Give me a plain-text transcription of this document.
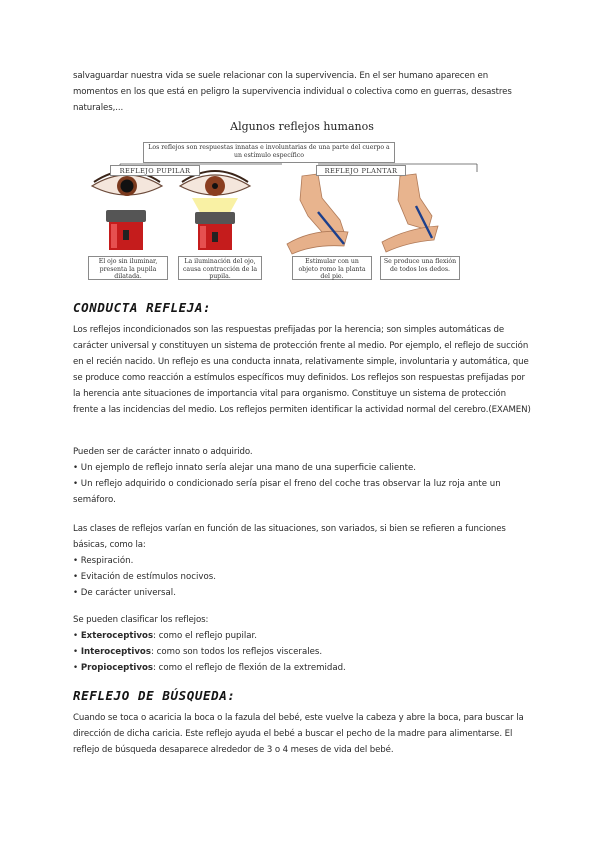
salvaguardar nuestra vida se suele relacionar con la supervivencia. En el ser humano aparecen en momentos en los que está en peligro la supervivencia individual o colectiva como en guerras, desastres naturales,...

Algunos reflejos humanos
Los reflejos son respuestas innatas e involuntarias de una parte del cuerpo a un estímulo específico
REFLEJO PUPILAR	REFLEJO PLANTAR
El ojo sin iluminar, presenta la pupila dilatada.
La iluminación del ojo, causa contracción de la pupila.
Estimular con un objeto romo la planta del pie.
Se produce una flexión de todos los dedos.
CONDUCTA REFLEJA:

Los reflejos incondicionados son las respuestas prefijadas por la herencia; son simples automáticas de carácter universal y constituyen un sistema de protección frente al medio. Por ejemplo, el reflejo de succión en el recién nacido. Un reflejo es una conducta innata, relativamente simple, involuntaria y automática, que se produce como reacción a estímulos específicos muy definidos. Los reflejos son respuestas prefijadas por la herencia ante situaciones de importancia vital para organismo. Constituye un sistema de protección frente a las incidencias del medio. Los reflejos permiten identificar la actividad normal del cerebro.(EXAMEN)

Pueden ser de carácter innato o adquirido.

• Un ejemplo de reflejo innato sería alejar una mano de una superficie caliente.
• Un reflejo adquirido o condicionado sería pisar el freno del coche tras observar la luz roja ante un semáforo.

Las clases de reflejos varían en función de las situaciones, son variados, si bien se refieren a funciones básicas, como la:

• Respiración.
• Evitación de estímulos nocivos.
• De carácter universal.

Se pueden clasificar los reflejos:

• Exteroceptivos: como el reflejo pupilar.
• Interoceptivos: como son todos los reflejos viscerales.
• Propioceptivos: como el reflejo de flexión de la extremidad.
REFLEJO DE BÚSQUEDA:

Cuando se toca o acaricia la boca o la fazula del bebé, este vuelve la cabeza y abre la boca, para buscar la dirección de dicha caricia. Este reflejo ayuda el bebé a buscar el pecho de la madre para alimentarse. El reflejo de búsqueda desaparece alrededor de 3 o 4 meses de vida del bebé.
